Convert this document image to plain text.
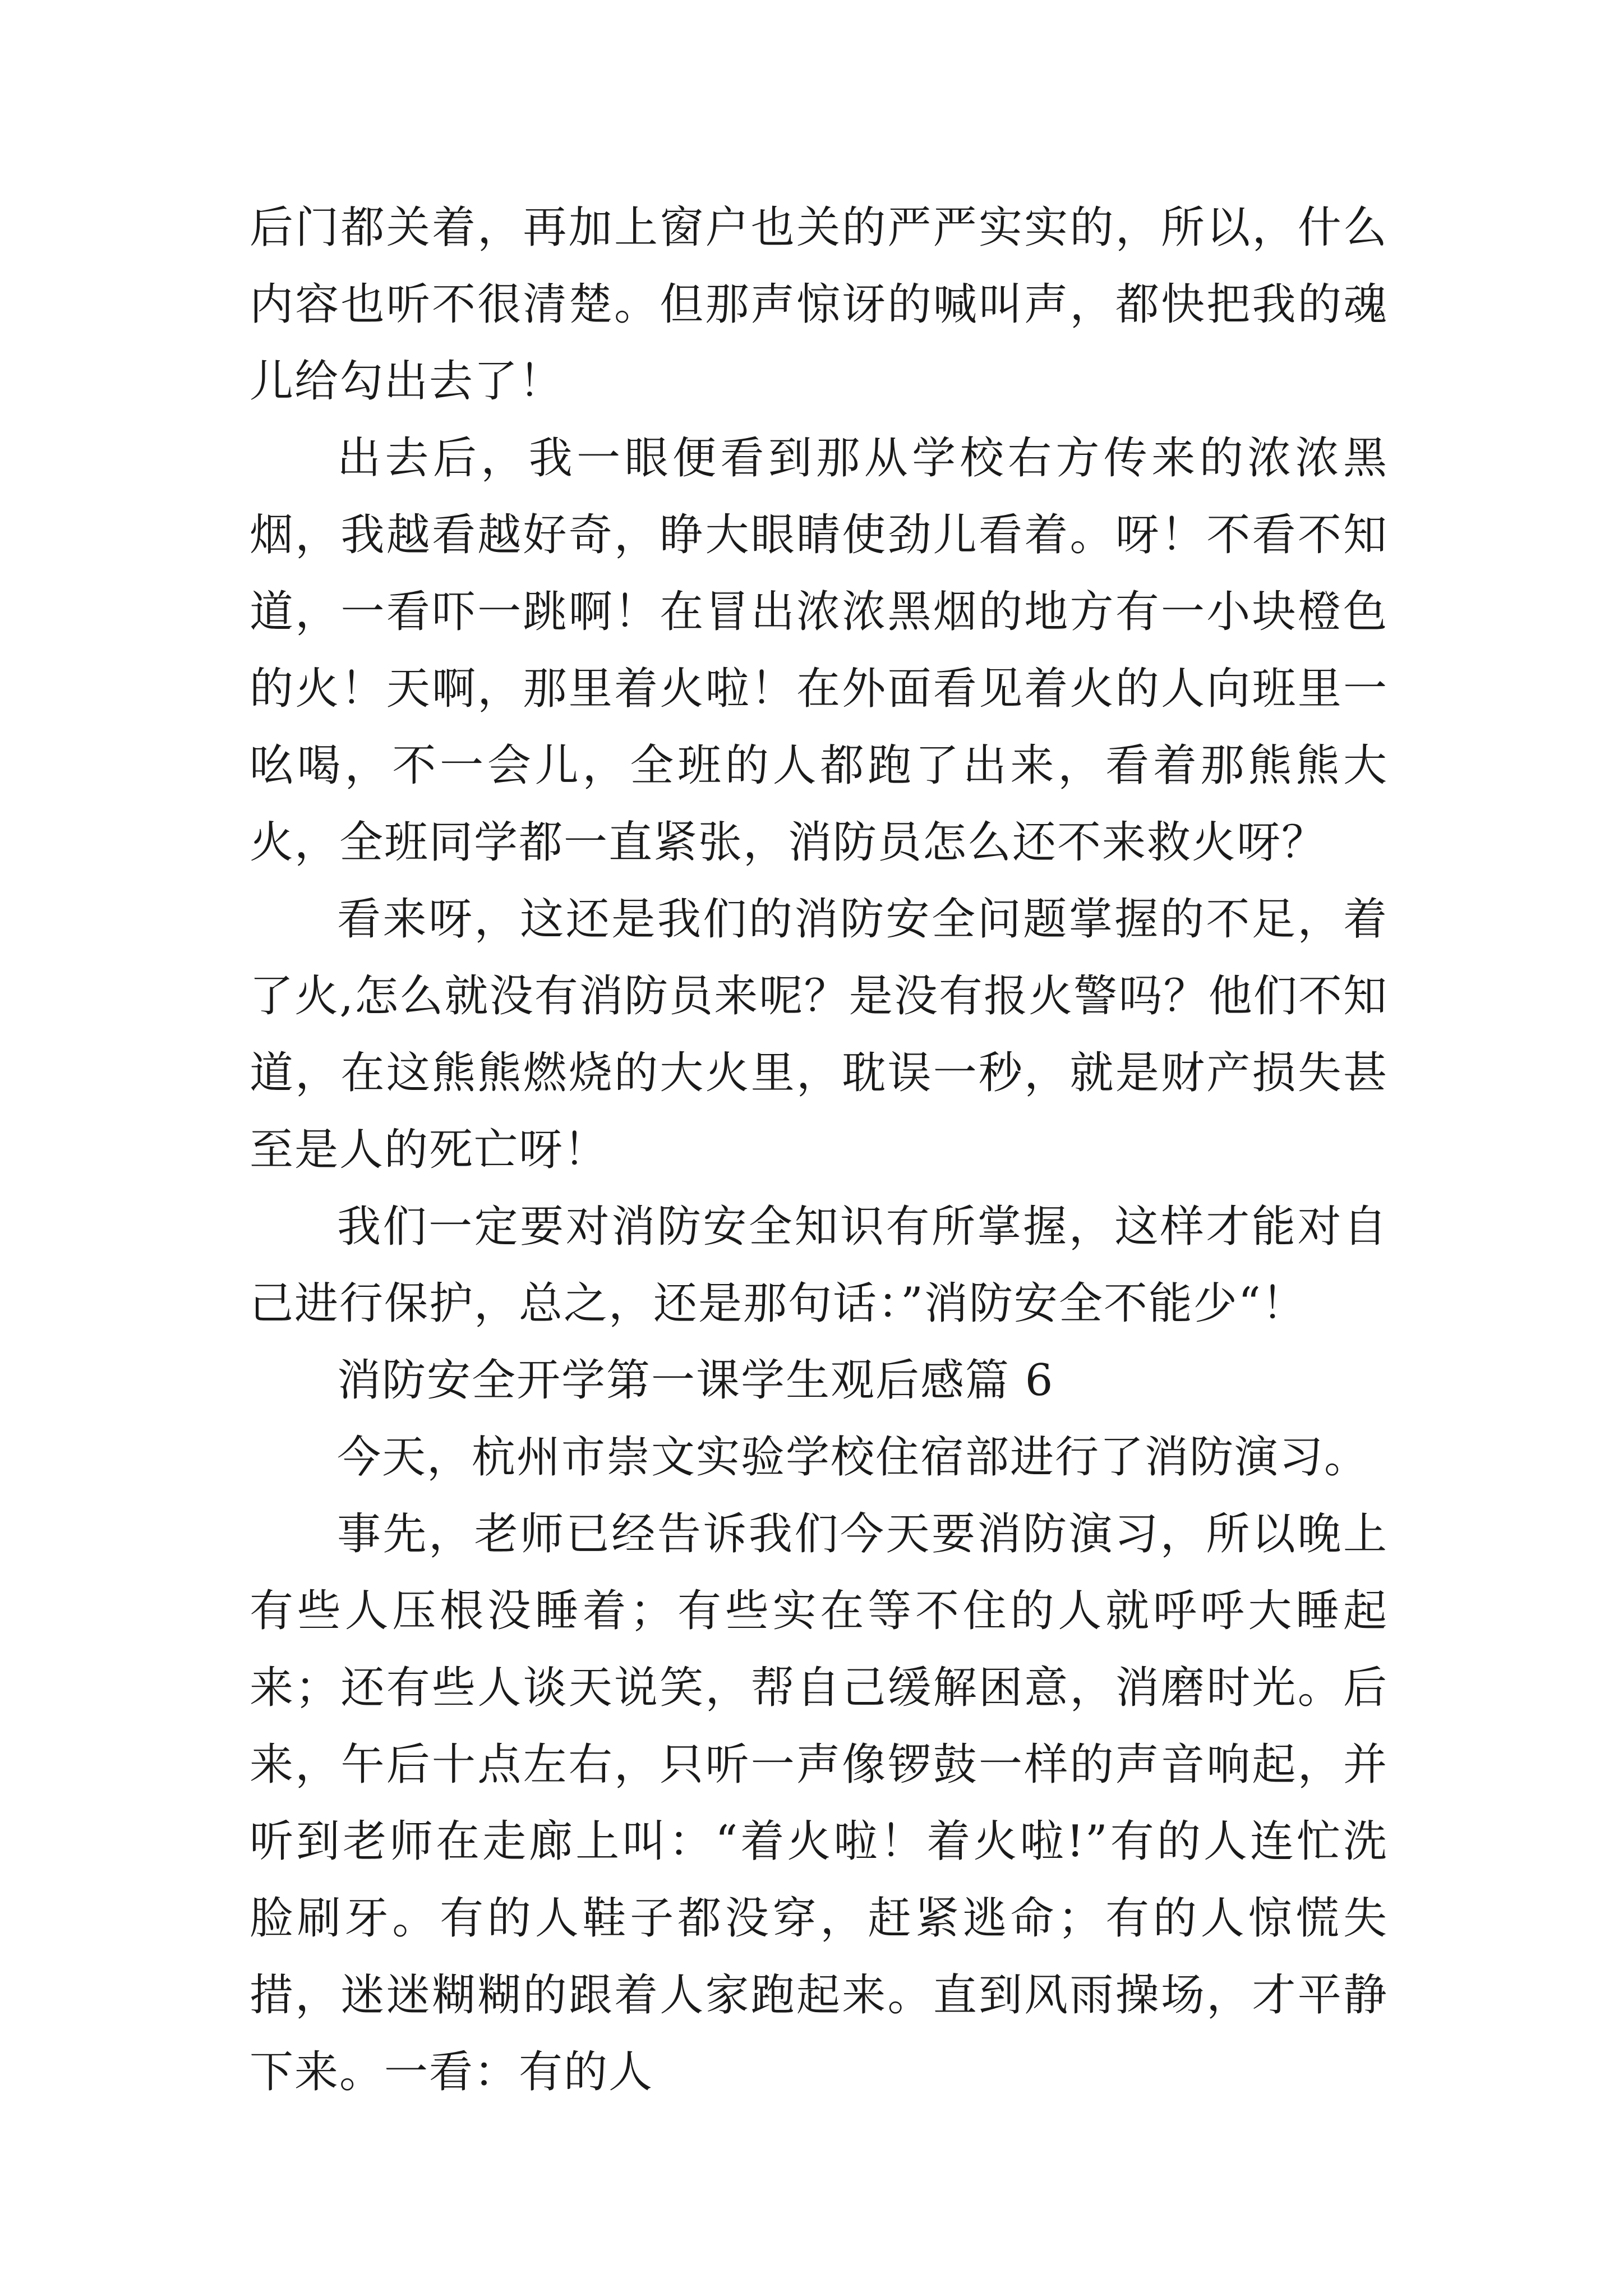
后门都关着，再加上窗户也关的严严实实的，所以，什么内容也听不很清楚。但那声惊讶的喊叫声，都快把我的魂儿给勾出去了！

出去后，我一眼便看到那从学校右方传来的浓浓黑烟，我越看越好奇，睁大眼睛使劲儿看着。呀！不看不知道，一看吓一跳啊！在冒出浓浓黑烟的地方有一小块橙色的火！天啊，那里着火啦！在外面看见着火的人向班里一吆喝，不一会儿，全班的人都跑了出来，看着那熊熊大火，全班同学都一直紧张，消防员怎么还不来救火呀？

看来呀，这还是我们的消防安全问题掌握的不足，着了火,怎么就没有消防员来呢？是没有报火警吗？他们不知道，在这熊熊燃烧的大火里，耽误一秒，就是财产损失甚至是人的死亡呀！

我们一定要对消防安全知识有所掌握，这样才能对自己进行保护，总之，还是那句话：”消防安全不能少“！

消防安全开学第一课学生观后感篇 6

今天，杭州市崇文实验学校住宿部进行了消防演习。

事先，老师已经告诉我们今天要消防演习，所以晚上有些人压根没睡着；有些实在等不住的人就呼呼大睡起来；还有些人谈天说笑，帮自己缓解困意，消磨时光。后来，午后十点左右，只听一声像锣鼓一样的声音响起，并听到老师在走廊上叫：“着火啦！着火啦!”有的人连忙洗脸刷牙。有的人鞋子都没穿，赶紧逃命；有的人惊慌失措，迷迷糊糊的跟着人家跑起来。直到风雨操场，才平静下来。一看：有的人
